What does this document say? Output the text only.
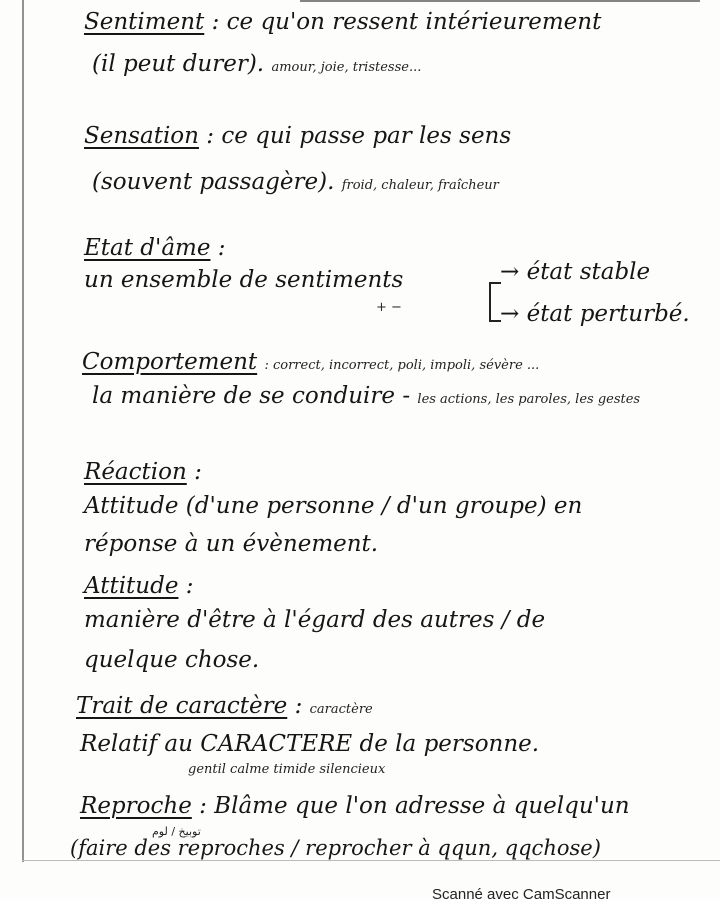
Sentiment : ce qu'on ressent intérieurement
(il peut durer). amour, joie, tristesse...
Sensation : ce qui passe par les sens
(souvent passagère). froid, chaleur, fraîcheur
Etat d'âme :
un ensemble de sentiments
+ −
→ état stable
→ état perturbé.
Comportement : correct, incorrect, poli, impoli, sévère ...
la manière de se conduire - les actions, les paroles, les gestes
Réaction :
Attitude (d'une personne / d'un groupe) en
réponse à un évènement.
Attitude :
manière d'être à l'égard des autres / de
quelque chose.
Trait de caractère : caractère
Relatif au CARACTERE de la personne.
gentil calme timide silencieux
Reproche : Blâme que l'on adresse à quelqu'un
توبيخ / لوم
(faire des reproches / reprocher à qqun, qqchose)
Scanné avec CamScanner
